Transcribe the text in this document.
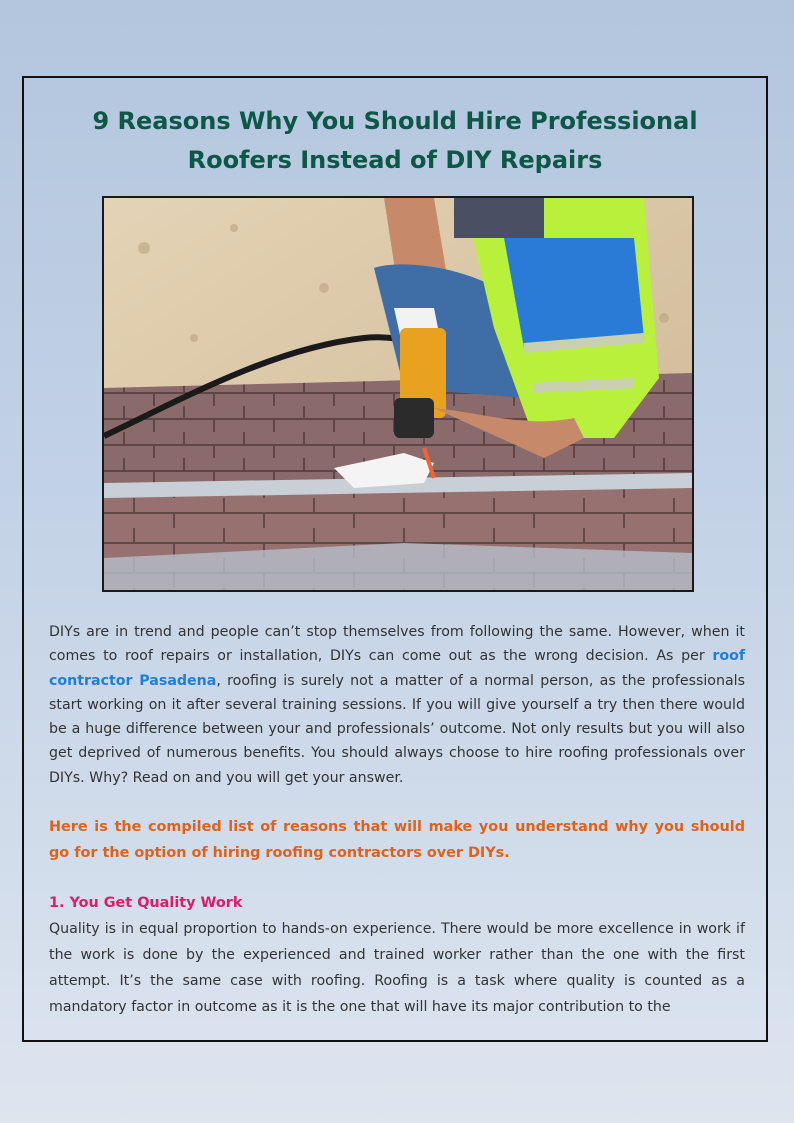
9 Reasons Why You Should Hire Professional
Roofers Instead of DIY Repairs

DIYs are in trend and people can’t stop themselves from following the same. However, when it comes to roof repairs or installation, DIYs can come out as the wrong decision. As per roof contractor Pasadena, roofing is surely not a matter of a normal person, as the professionals start working on it after several training sessions. If you will give yourself a try then there would be a huge difference between your and professionals’ outcome. Not only results but you will also get deprived of numerous benefits. You should always choose to hire roofing professionals over DIYs. Why? Read on and you will get your answer.

Here is the compiled list of reasons that will make you understand why you should go for the option of hiring roofing contractors over DIYs.

1. You Get Quality Work

Quality is in equal proportion to hands-on experience. There would be more excellence in work if the work is done by the experienced and trained worker rather than the one with the first attempt. It’s the same case with roofing. Roofing is a task where quality is counted as a mandatory factor in outcome as it is the one that will have its major contribution to the
